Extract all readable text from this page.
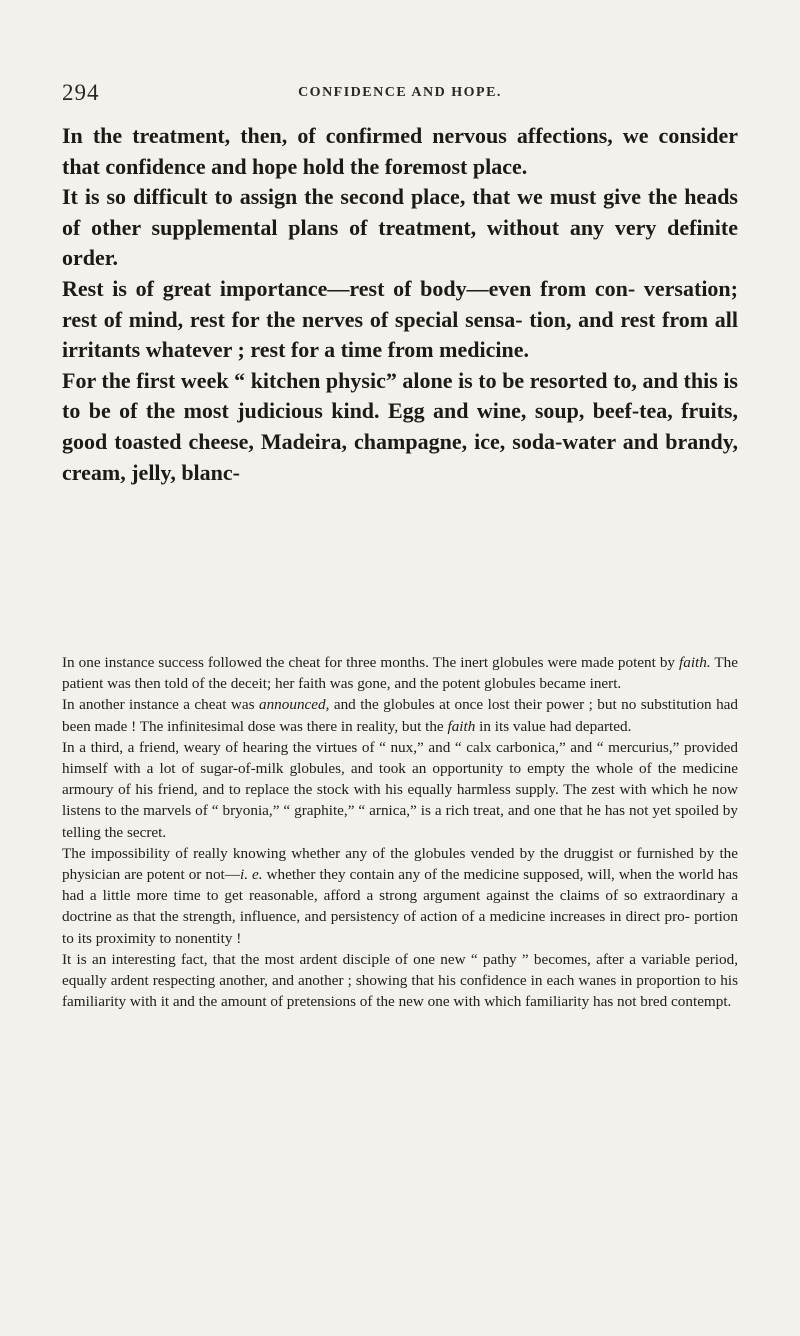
294	CONFIDENCE AND HOPE.

In the treatment, then, of confirmed nervous affections, we consider that confidence and hope hold the foremost place.

It is so difficult to assign the second place, that we must give the heads of other supplemental plans of treatment, without any very definite order.

Rest is of great importance—rest of body—even from con- versation; rest of mind, rest for the nerves of special sensa- tion, and rest from all irritants whatever ; rest for a time from medicine.

For the first week “ kitchen physic” alone is to be resorted to, and this is to be of the most judicious kind. Egg and wine, soup, beef-tea, fruits, good toasted cheese, Madeira, champagne, ice, soda-water and brandy, cream, jelly, blanc-

In one instance success followed the cheat for three months. The inert globules were made potent by faith. The patient was then told of the deceit; her faith was gone, and the potent globules became inert.

In another instance a cheat was announced, and the globules at once lost their power ; but no substitution had been made ! The infinitesimal dose was there in reality, but the faith in its value had departed.

In a third, a friend, weary of hearing the virtues of “ nux,” and “ calx carbonica,” and “ mercurius,” provided himself with a lot of sugar-of-milk globules, and took an opportunity to empty the whole of the medicine armoury of his friend, and to replace the stock with his equally harmless supply. The zest with which he now listens to the marvels of “ bryonia,” “ graphite,” “ arnica,” is a rich treat, and one that he has not yet spoiled by telling the secret.

The impossibility of really knowing whether any of the globules vended by the druggist or furnished by the physician are potent or not—i. e. whether they contain any of the medicine supposed, will, when the world has had a little more time to get reasonable, afford a strong argument against the claims of so extraordinary a doctrine as that the strength, influence, and persistency of action of a medicine increases in direct pro- portion to its proximity to nonentity !

It is an interesting fact, that the most ardent disciple of one new “ pathy ” becomes, after a variable period, equally ardent respecting another, and another ; showing that his confidence in each wanes in proportion to his familiarity with it and the amount of pretensions of the new one with which familiarity has not bred contempt.
